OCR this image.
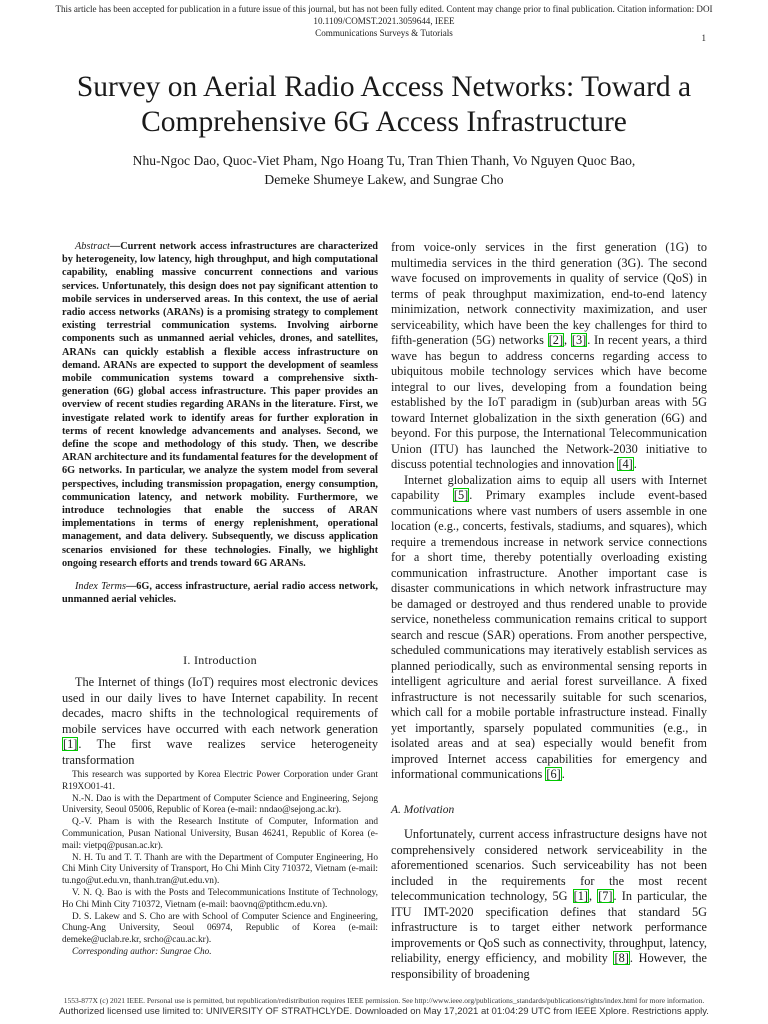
This article has been accepted for publication in a future issue of this journal, but has not been fully edited. Content may change prior to final publication. Citation information: DOI 10.1109/COMST.2021.3059644, IEEE
Communications Surveys & Tutorials	1
Survey on Aerial Radio Access Networks: Toward a
Comprehensive 6G Access Infrastructure
Nhu-Ngoc Dao, Quoc-Viet Pham, Ngo Hoang Tu, Tran Thien Thanh, Vo Nguyen Quoc Bao,
Demeke Shumeye Lakew, and Sungrae Cho

Abstract—Current network access infrastructures are characterized by heterogeneity, low latency, high throughput, and high computational capability, enabling massive concurrent connections and various services. Unfortunately, this design does not pay significant attention to mobile services in underserved areas. In this context, the use of aerial radio access networks (ARANs) is a promising strategy to complement existing terrestrial communication systems. Involving airborne components such as unmanned aerial vehicles, drones, and satellites, ARANs can quickly establish a flexible access infrastructure on demand. ARANs are expected to support the development of seamless mobile communication systems toward a comprehensive sixth-generation (6G) global access infrastructure. This paper provides an overview of recent studies regarding ARANs in the literature. First, we investigate related work to identify areas for further exploration in terms of recent knowledge advancements and analyses. Second, we define the scope and methodology of this study. Then, we describe ARAN architecture and its fundamental features for the development of 6G networks. In particular, we analyze the system model from several perspectives, including transmission propagation, energy consumption, communication latency, and network mobility. Furthermore, we introduce technologies that enable the success of ARAN implementations in terms of energy replenishment, operational management, and data delivery. Subsequently, we discuss application scenarios envisioned for these technologies. Finally, we highlight ongoing research efforts and trends toward 6G ARANs.

Index Terms—6G, access infrastructure, aerial radio access network, unmanned aerial vehicles.

I. Introduction

The Internet of things (IoT) requires most electronic devices used in our daily lives to have Internet capability. In recent decades, macro shifts in the technological requirements of mobile services have occurred with each network generation [1]. The first wave realizes service heterogeneity transformation

This research was supported by Korea Electric Power Corporation under Grant R19XO01-41.

N.-N. Dao is with the Department of Computer Science and Engineering, Sejong University, Seoul 05006, Republic of Korea (e-mail: nndao@sejong.ac.kr).

Q.-V. Pham is with the Research Institute of Computer, Information and Communication, Pusan National University, Busan 46241, Republic of Korea (e-mail: vietpq@pusan.ac.kr).

N. H. Tu and T. T. Thanh are with the Department of Computer Engineering, Ho Chi Minh City University of Transport, Ho Chi Minh City 710372, Vietnam (e-mail: tu.ngo@ut.edu.vn, thanh.tran@ut.edu.vn).

V. N. Q. Bao is with the Posts and Telecommunications Institute of Technology, Ho Chi Minh City 710372, Vietnam (e-mail: baovnq@ptithcm.edu.vn).

D. S. Lakew and S. Cho are with School of Computer Science and Engineering, Chung-Ang University, Seoul 06974, Republic of Korea (e-mail: demeke@uclab.re.kr, srcho@cau.ac.kr).

Corresponding author: Sungrae Cho.

from voice-only services in the first generation (1G) to multimedia services in the third generation (3G). The second wave focused on improvements in quality of service (QoS) in terms of peak throughput maximization, end-to-end latency minimization, network connectivity maximization, and user serviceability, which have been the key challenges for third to fifth-generation (5G) networks [2], [3]. In recent years, a third wave has begun to address concerns regarding access to ubiquitous mobile technology services which have become integral to our lives, developing from a foundation being established by the IoT paradigm in (sub)urban areas with 5G toward Internet globalization in the sixth generation (6G) and beyond. For this purpose, the International Telecommunication Union (ITU) has launched the Network-2030 initiative to discuss potential technologies and innovation [4].

Internet globalization aims to equip all users with Internet capability [5]. Primary examples include event-based communications where vast numbers of users assemble in one location (e.g., concerts, festivals, stadiums, and squares), which require a tremendous increase in network service connections for a short time, thereby potentially overloading existing communication infrastructure. Another important case is disaster communications in which network infrastructure may be damaged or destroyed and thus rendered unable to provide service, nonetheless communication remains critical to support search and rescue (SAR) operations. From another perspective, scheduled communications may iteratively establish services as planned periodically, such as environmental sensing reports in intelligent agriculture and aerial forest surveillance. A fixed infrastructure is not necessarily suitable for such scenarios, which call for a mobile portable infrastructure instead. Finally yet importantly, sparsely populated communities (e.g., in isolated areas and at sea) especially would benefit from improved Internet access capabilities for emergency and informational communications [6].

A. Motivation

Unfortunately, current access infrastructure designs have not comprehensively considered network serviceability in the aforementioned scenarios. Such serviceability has not been included in the requirements for the most recent telecommunication technology, 5G [1], [7]. In particular, the ITU IMT-2020 specification defines that standard 5G infrastructure is to target either network performance improvements or QoS such as connectivity, throughput, latency, reliability, energy efficiency, and mobility [8]. However, the responsibility of broadening

1553-877X (c) 2021 IEEE. Personal use is permitted, but republication/redistribution requires IEEE permission. See http://www.ieee.org/publications_standards/publications/rights/index.html for more information.
Authorized licensed use limited to: UNIVERSITY OF STRATHCLYDE. Downloaded on May 17,2021 at 01:04:29 UTC from IEEE Xplore. Restrictions apply.
